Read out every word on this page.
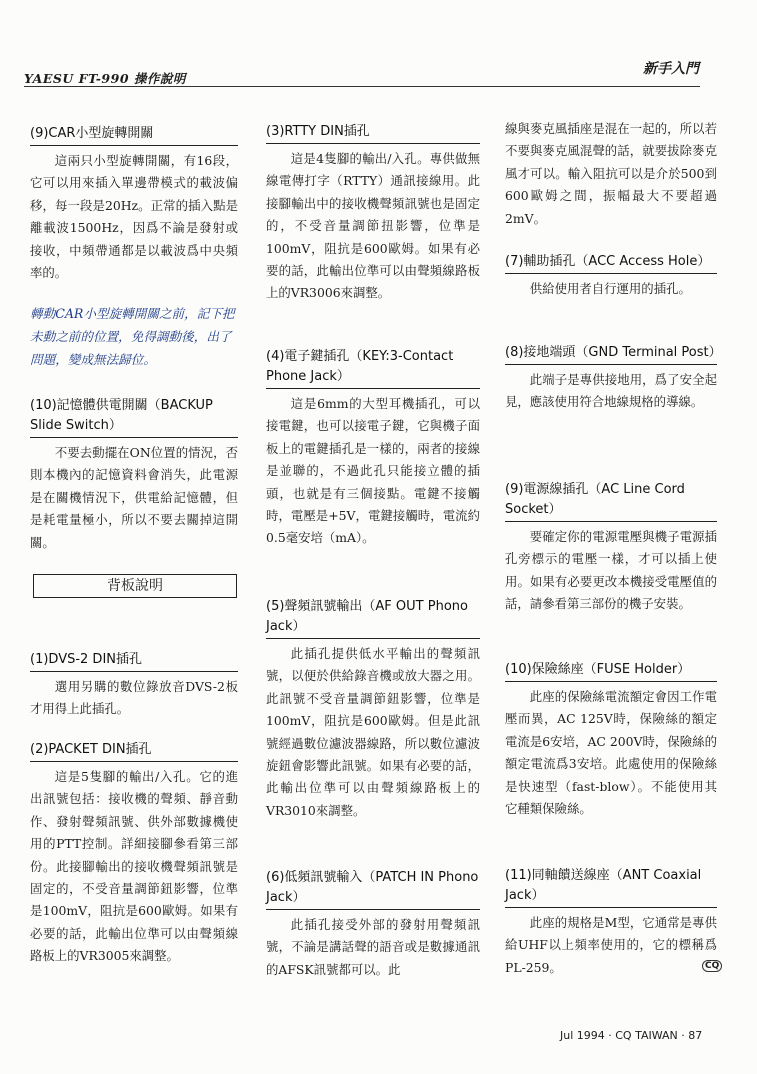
YAESU FT-990 操作說明
新手入門
(9)CAR小型旋轉開關
這兩只小型旋轉開關，有16段，它可以用來插入單邊帶模式的載波偏移，每一段是20Hz。正常的插入點是離載波1500Hz，因爲不論是發射或接收，中頻帶通都是以載波爲中央頻率的。
轉動CAR小型旋轉開關之前，記下把未動之前的位置，免得調動後，出了問題，變成無法歸位。
(10)記憶體供電開關（BACKUP Slide Switch）
不要去動擺在ON位置的情況，否則本機內的記憶資料會消失，此電源是在關機情況下，供電給記憶體，但是耗電量極小，所以不要去關掉這開關。
背板說明
(1)DVS-2 DIN插孔
選用另購的數位錄放音DVS-2板才用得上此插孔。
(2)PACKET DIN插孔
這是5隻腳的輸出/入孔。它的進出訊號包括：接收機的聲頻、靜音動作、發射聲頻訊號、供外部數據機使用的PTT控制。詳細接腳參看第三部份。此接腳輸出的接收機聲頻訊號是固定的，不受音量調節鈕影響，位準是100mV，阻抗是600歐姆。如果有必要的話，此輸出位準可以由聲頻線路板上的VR3005來調整。
(3)RTTY DIN插孔
這是4隻腳的輸出/入孔。專供做無線電傳打字（RTTY）通訊接線用。此接腳輸出中的接收機聲頻訊號也是固定的，不受音量調節扭影響，位準是100mV，阻抗是600歐姆。如果有必要的話，此輸出位準可以由聲頻線路板上的VR3006來調整。
(4)電子鍵插孔（KEY:3-Contact Phone Jack）
這是6mm的大型耳機插孔，可以接電鍵，也可以接電子鍵，它與機子面板上的電鍵插孔是一樣的，兩者的接線是並聯的，不過此孔只能接立體的插頭，也就是有三個接點。電鍵不接觸時，電壓是+5V，電鍵接觸時，電流約0.5毫安培（mA）。
(5)聲頻訊號輸出（AF OUT Phono Jack）
此插孔提供低水平輸出的聲頻訊號，以便於供給錄音機或放大器之用。此訊號不受音量調節鈕影響，位準是100mV，阻抗是600歐姆。但是此訊號經過數位濾波器線路，所以數位濾波旋鈕會影響此訊號。如果有必要的話，此輸出位準可以由聲頻線路板上的VR3010來調整。
(6)低頻訊號輸入（PATCH IN Phono Jack）
此插孔接受外部的發射用聲頻訊號，不論是講話聲的語音或是數據通訊的AFSK訊號都可以。此
線與麥克風插座是混在一起的，所以若不要與麥克風混聲的話，就要拔除麥克風才可以。輸入阻抗可以是介於500到600歐姆之間，振幅最大不要超過2mV。
(7)輔助插孔（ACC Access Hole）
供給使用者自行運用的插孔。
(8)接地端頭（GND Terminal Post）
此端子是專供接地用，爲了安全起見，應該使用符合地線規格的導線。
(9)電源線插孔（AC Line Cord Socket）
要確定你的電源電壓與機子電源插孔旁標示的電壓一樣，才可以插上使用。如果有必要更改本機接受電壓值的話，請參看第三部份的機子安裝。
(10)保險絲座（FUSE Holder）
此座的保險絲電流額定會因工作電壓而異，AC 125V時，保險絲的額定電流是6安培，AC 200V時，保險絲的額定電流爲3安培。此處使用的保險絲是快速型（fast-blow）。不能使用其它種類保險絲。
(11)同軸饋送線座（ANT Coaxial Jack）
此座的規格是M型，它通常是專供給UHF以上頻率使用的，它的標稱爲PL-259。	CQ
Jul 1994 · CQ TAIWAN · 87
